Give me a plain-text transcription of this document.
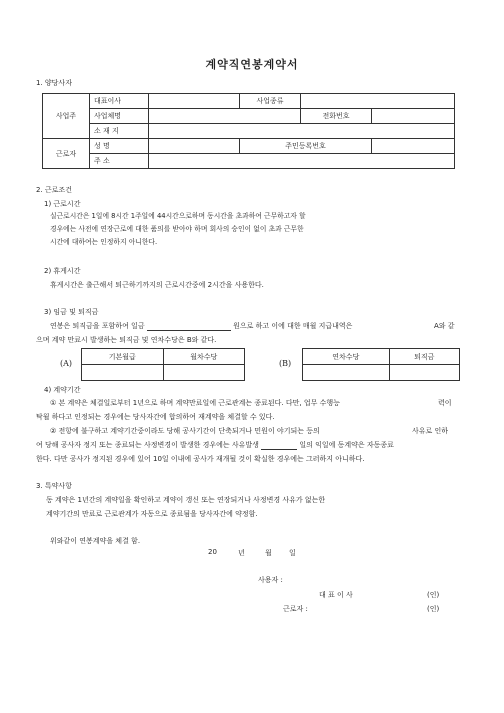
계약직연봉계약서
1. 양당사자
사업주	대표이사		사업종류		
	사업체명			전화번호	
	소 재 지				
근로자	성 명		주민등록번호		
	주 소				
2. 근로조건
1) 근로시간

실근로시간은 1일에 8시간 1주일에 44시간으로하며 동시간을 초과하여 근무하고자 할

경우에는 사전에 연장근로에 대한 품의를 받아야 하며 회사의 승인이 없이 초과 근무한

시간에 대하여는 인정하지 아니한다.

2) 휴게시간
휴게시간은 출근해서 퇴근하기까지의 근로시간중에 2시간을 사용한다.
3) 임금 및 퇴직금
연봉은 퇴직금을 포함하여 일금	원으로 하고 이에 대한 매월 지급내역은	A와 같
으며 계약 만료시 발생하는 퇴직금 및 연차수당은 B와 같다.
(A)
기본월급	월차수당

(B)
연차수당	퇴직금

4) 계약기간
① 본 계약은 체결일로부터 1년으로 하며 계약만료일에 근로관계는 종료된다. 다만, 업무 수행능	력이
탁월 하다고 인정되는 경우에는 당사자간에 합의하여 재계약을 체결할 수 있다.
② 전항에 불구하고 계약기간중이라도 당해 공사기간이 단축되거나 민원이 야기되는 등의	사유로 인하
여 당해 공사자 정지 또는 종료되는 사정변경이 발생한 경우에는 사유발생	일의 익일에 동계약은 자동종료
한다. 다만 공사가 정지된 경우에 있어 10일 이내에 공사가 재개될 것이 확실한 경우에는 그러하지 아니하다.
3. 특약사항
동 계약은 1년간의 계약일을 확인하고 계약이 갱신 또는 연장되거나 사정변경 사유가 없는한
계약기간의 만료로 근로관계가 자동으로 종료됨을 당사자간에 약정함.
위와같이 연봉계약을 체결 함.
20	년	월 일
사용자 :
대 표 이 사	(인)
근로자 :	(인)
